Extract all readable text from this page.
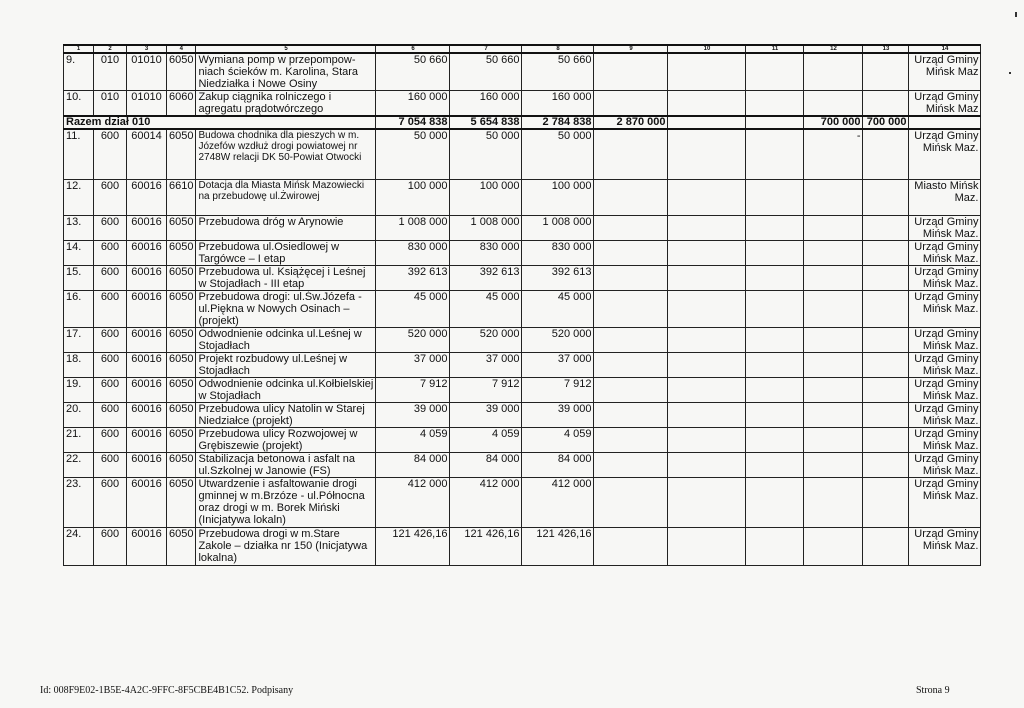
1	2	3	4	5	6	7	8	9	10	11	12	13	14
9.	010	01010	6050	Wymiana pomp w przepompow- niach ścieków m. Karolina, Stara Niedziałka i Nowe Osiny	50 660	50 660	50 660						Urząd Gminy Mińsk Maz
10.	010	01010	6060	Zakup ciągnika rolniczego i agregatu prądotwórczego	160 000	160 000	160 000						Urząd Gminy Mińsk Maz
Razem dział 010					7 054 838	5 654 838	2 784 838	2 870 000			700 000	700 000	
11.	600	60014	6050	Budowa chodnika dla pieszych w m. Józefów wzdłuż drogi powiatowej nr 2748W relacji DK 50-Powiat Otwocki	50 000	50 000	50 000				-		Urząd Gminy Mińsk Maz.
12.	600	60016	6610	Dotacja dla Miasta Mińsk Mazowiecki na przebudowę ul.Żwirowej	100 000	100 000	100 000						Miasto Mińsk Maz.
13.	600	60016	6050	Przebudowa dróg w Arynowie	1 008 000	1 008 000	1 008 000						Urząd Gminy Mińsk Maz.
14.	600	60016	6050	Przebudowa ul.Osiedlowej w Targówce – I etap	830 000	830 000	830 000						Urząd Gminy Mińsk Maz.
15.	600	60016	6050	Przebudowa ul. Książęcej i Leśnej w Stojadłach - III etap	392 613	392 613	392 613						Urząd Gminy Mińsk Maz.
16.	600	60016	6050	Przebudowa drogi: ul.Św.Józefa -ul.Piękna w Nowych Osinach – (projekt)	45 000	45 000	45 000						Urząd Gminy Mińsk Maz.
17.	600	60016	6050	Odwodnienie odcinka ul.Leśnej w Stojadłach	520 000	520 000	520 000						Urząd Gminy Mińsk Maz.
18.	600	60016	6050	Projekt rozbudowy ul.Leśnej w Stojadłach	37 000	37 000	37 000						Urząd Gminy Mińsk Maz.
19.	600	60016	6050	Odwodnienie odcinka ul.Kołbielskiej w Stojadłach	7 912	7 912	7 912						Urząd Gminy Mińsk Maz.
20.	600	60016	6050	Przebudowa ulicy Natolin w Starej Niedziałce (projekt)	39 000	39 000	39 000						Urząd Gminy Mińsk Maz.
21.	600	60016	6050	Przebudowa ulicy Rozwojowej w Grębiszewie (projekt)	4 059	4 059	4 059						Urząd Gminy Mińsk Maz.
22.	600	60016	6050	Stabilizacja betonowa i asfalt na ul.Szkolnej w Janowie (FS)	84 000	84 000	84 000						Urząd Gminy Mińsk Maz.
23.	600	60016	6050	Utwardzenie i asfaltowanie drogi gminnej w m.Brzóze - ul.Północna oraz drogi w m. Borek Miński (Inicjatywa lokaln)	412 000	412 000	412 000						Urząd Gminy Mińsk Maz.
24.	600	60016	6050	Przebudowa drogi w m.Stare Zakole – działka nr 150 (Inicjatywa lokalna)	121 426,16	121 426,16	121 426,16						Urząd Gminy Mińsk Maz.
Id: 008F9E02-1B5E-4A2C-9FFC-8F5CBE4B1C52. Podpisany	Strona 9
